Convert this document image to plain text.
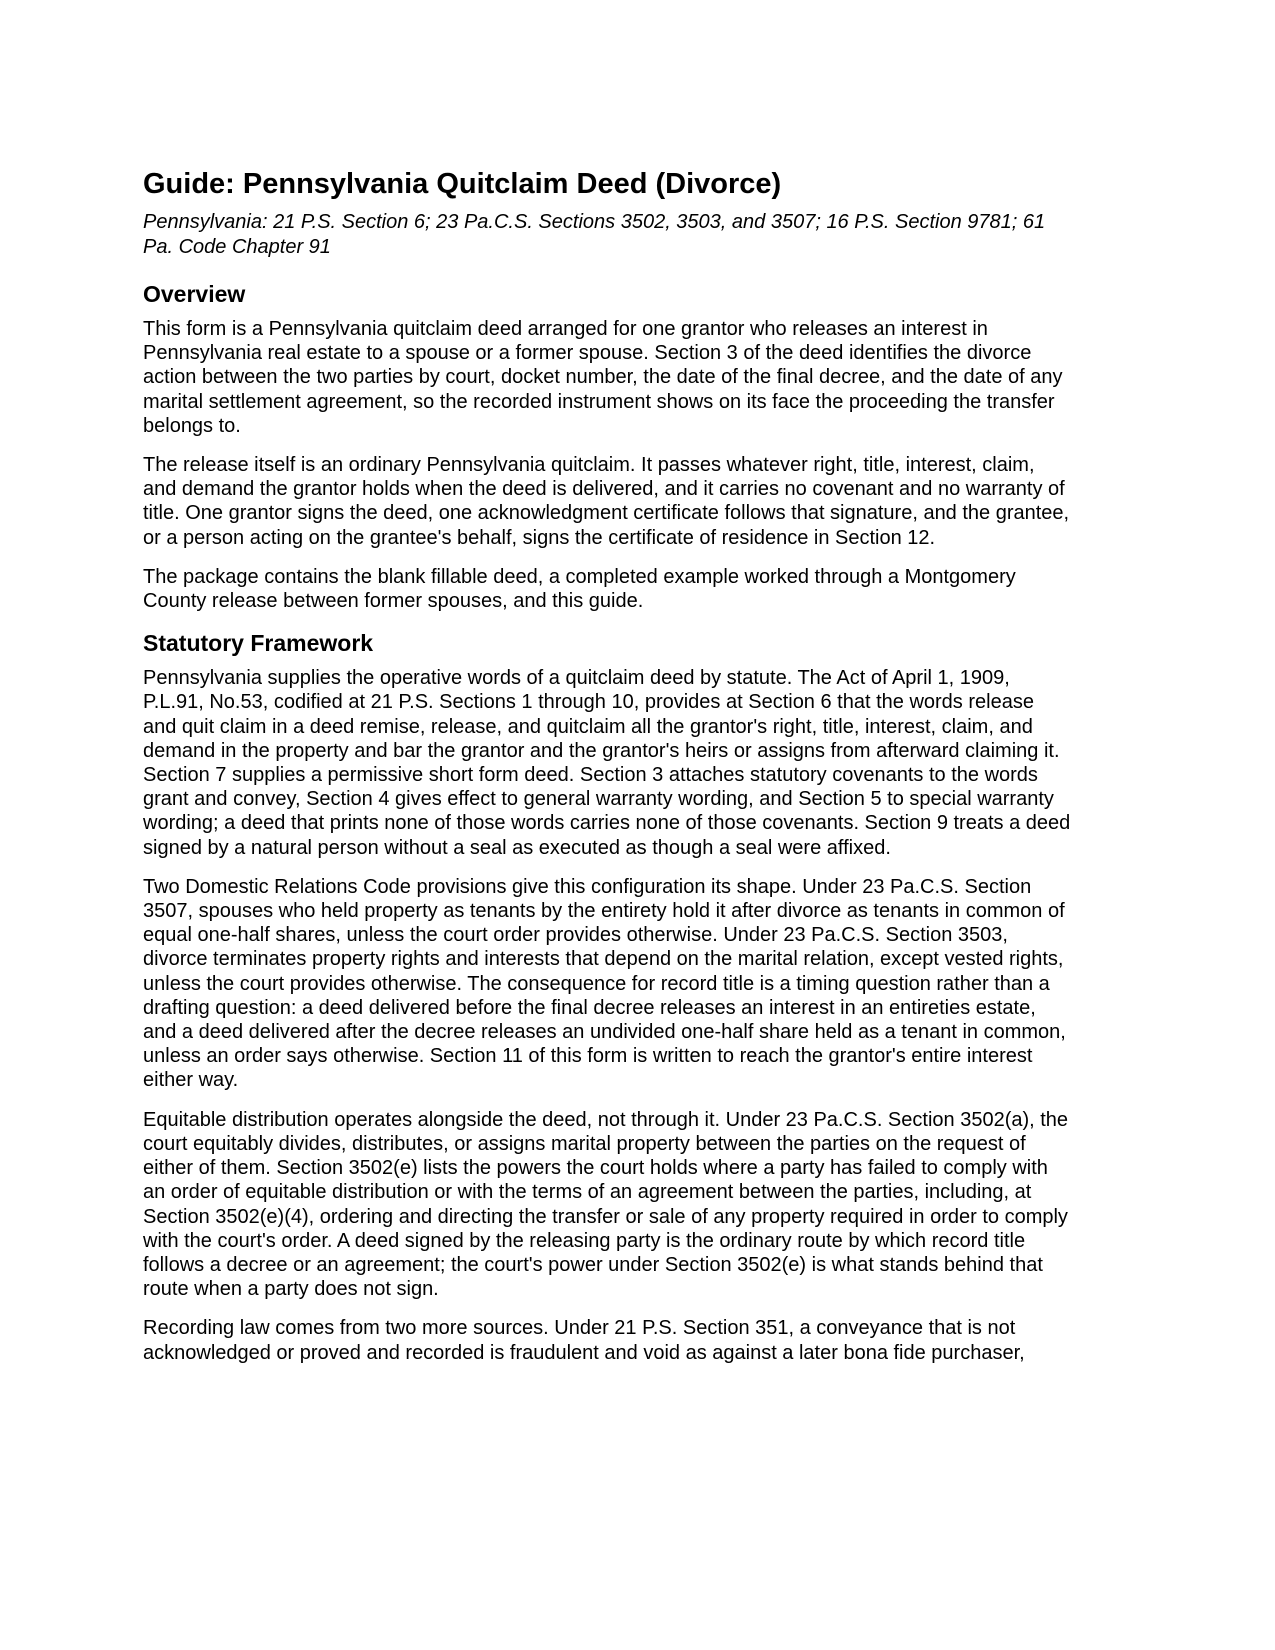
Guide: Pennsylvania Quitclaim Deed (Divorce)

Pennsylvania: 21 P.S. Section 6; 23 Pa.C.S. Sections 3502, 3503, and 3507; 16 P.S. Section 9781; 61 Pa. Code Chapter 91

Overview

This form is a Pennsylvania quitclaim deed arranged for one grantor who releases an interest in Pennsylvania real estate to a spouse or a former spouse. Section 3 of the deed identifies the divorce action between the two parties by court, docket number, the date of the final decree, and the date of any marital settlement agreement, so the recorded instrument shows on its face the proceeding the transfer belongs to.

The release itself is an ordinary Pennsylvania quitclaim. It passes whatever right, title, interest, claim, and demand the grantor holds when the deed is delivered, and it carries no covenant and no warranty of title. One grantor signs the deed, one acknowledgment certificate follows that signature, and the grantee, or a person acting on the grantee's behalf, signs the certificate of residence in Section 12.

The package contains the blank fillable deed, a completed example worked through a Montgomery County release between former spouses, and this guide.

Statutory Framework

Pennsylvania supplies the operative words of a quitclaim deed by statute. The Act of April 1, 1909, P.L.91, No.53, codified at 21 P.S. Sections 1 through 10, provides at Section 6 that the words release and quit claim in a deed remise, release, and quitclaim all the grantor's right, title, interest, claim, and demand in the property and bar the grantor and the grantor's heirs or assigns from afterward claiming it. Section 7 supplies a permissive short form deed. Section 3 attaches statutory covenants to the words grant and convey, Section 4 gives effect to general warranty wording, and Section 5 to special warranty wording; a deed that prints none of those words carries none of those covenants. Section 9 treats a deed signed by a natural person without a seal as executed as though a seal were affixed.

Two Domestic Relations Code provisions give this configuration its shape. Under 23 Pa.C.S. Section 3507, spouses who held property as tenants by the entirety hold it after divorce as tenants in common of equal one-half shares, unless the court order provides otherwise. Under 23 Pa.C.S. Section 3503, divorce terminates property rights and interests that depend on the marital relation, except vested rights, unless the court provides otherwise. The consequence for record title is a timing question rather than a drafting question: a deed delivered before the final decree releases an interest in an entireties estate, and a deed delivered after the decree releases an undivided one-half share held as a tenant in common, unless an order says otherwise. Section 11 of this form is written to reach the grantor's entire interest either way.

Equitable distribution operates alongside the deed, not through it. Under 23 Pa.C.S. Section 3502(a), the court equitably divides, distributes, or assigns marital property between the parties on the request of either of them. Section 3502(e) lists the powers the court holds where a party has failed to comply with an order of equitable distribution or with the terms of an agreement between the parties, including, at Section 3502(e)(4), ordering and directing the transfer or sale of any property required in order to comply with the court's order. A deed signed by the releasing party is the ordinary route by which record title follows a decree or an agreement; the court's power under Section 3502(e) is what stands behind that route when a party does not sign.

Recording law comes from two more sources. Under 21 P.S. Section 351, a conveyance that is not acknowledged or proved and recorded is fraudulent and void as against a later bona fide purchaser,
